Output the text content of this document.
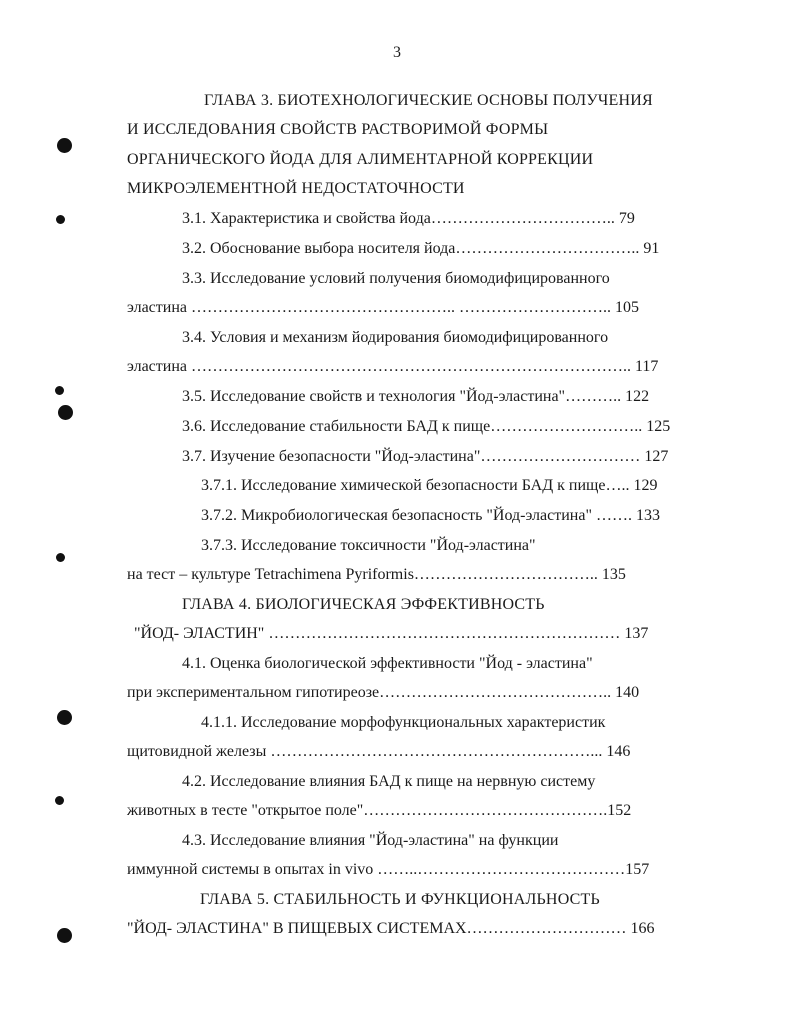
3
ГЛАВА 3. БИОТЕХНОЛОГИЧЕСКИЕ ОСНОВЫ ПОЛУЧЕНИЯ
И ИССЛЕДОВАНИЯ СВОЙСТВ РАСТВОРИМОЙ ФОРМЫ
ОРГАНИЧЕСКОГО ЙОДА ДЛЯ АЛИМЕНТАРНОЙ КОРРЕКЦИИ
МИКРОЭЛЕМЕНТНОЙ НЕДОСТАТОЧНОСТИ
3.1. Характеристика и свойства йода…………………………….. 79
3.2. Обоснование выбора носителя йода…………………………….. 91
3.3. Исследование условий получения биомодифицированного
эластина ………………………………………….. ……………………….. 105
3.4. Условия и механизм йодирования биомодифицированного
эластина ……………………………………………………………………….. 117
3.5. Исследование свойств и технология "Йод-эластина"……….. 122
3.6. Исследование стабильности БАД к пище……………………….. 125
3.7. Изучение безопасности "Йод-эластина"………………………… 127
3.7.1. Исследование химической безопасности БАД к пище….. 129
3.7.2. Микробиологическая безопасность "Йод-эластина" ……. 133
3.7.3. Исследование токсичности "Йод-эластина"
на тест – культуре Tetrachimena Pyriformis…………………………….. 135
ГЛАВА 4. БИОЛОГИЧЕСКАЯ ЭФФЕКТИВНОСТЬ
"ЙОД- ЭЛАСТИН" ………………………………………………………… 137
4.1. Оценка биологической эффективности "Йод - эластина"
при экспериментальном гипотиреозе…………………………………….. 140
4.1.1. Исследование морфофункциональных характеристик
щитовидной железы ……………………………………………………... 146
4.2. Исследование влияния БАД к пище на нервную систему
животных в тесте "открытое поле"……………………………………….152
4.3. Исследование влияния "Йод-эластина" на функции
иммунной системы в опытах in vivo ……..…………………………………157
ГЛАВА 5. СТАБИЛЬНОСТЬ И ФУНКЦИОНАЛЬНОСТЬ
"ЙОД- ЭЛАСТИНА" В ПИЩЕВЫХ СИСТЕМАХ………………………… 166
